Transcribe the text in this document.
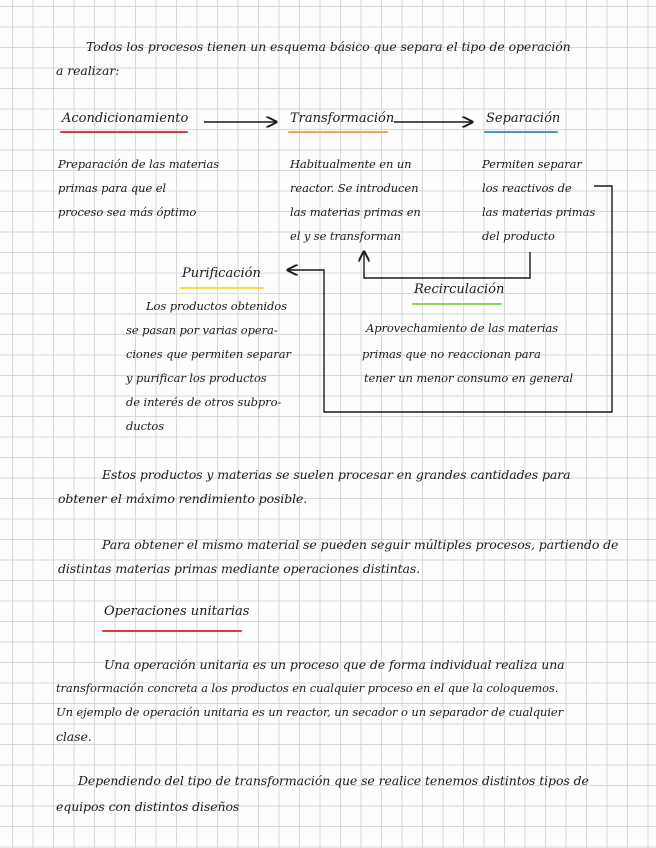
Todos los procesos tienen un esquema básico que separa el tipo de operación
a realizar:
Acondicionamiento	Transformación	Separación
Preparación de las materias
primas para que el
proceso sea más óptimo
Habitualmente en un
reactor. Se introducen
las materias primas en
el y se transforman
Permiten separar
los reactivos de
las materias primas
del producto
Purificación
Los productos obtenidos
se pasan por varias opera-
ciones que permiten separar
y purificar los productos
de interés de otros subpro-
ductos
Recirculación
Aprovechamiento de las materias
primas que no reaccionan para
tener un menor consumo en general
Estos productos y materias se suelen procesar en grandes cantidades para
obtener el máximo rendimiento posible.
Para obtener el mismo material se pueden seguir múltiples procesos, partiendo de
distintas materias primas mediante operaciones distintas.
Operaciones unitarias
Una operación unitaria es un proceso que de forma individual realiza una
transformación concreta a los productos en cualquier proceso en el que la coloquemos.
Un ejemplo de operación unitaria es un reactor, un secador o un separador de cualquier
clase.
Dependiendo del tipo de transformación que se realice tenemos distintos tipos de
equipos con distintos diseños
